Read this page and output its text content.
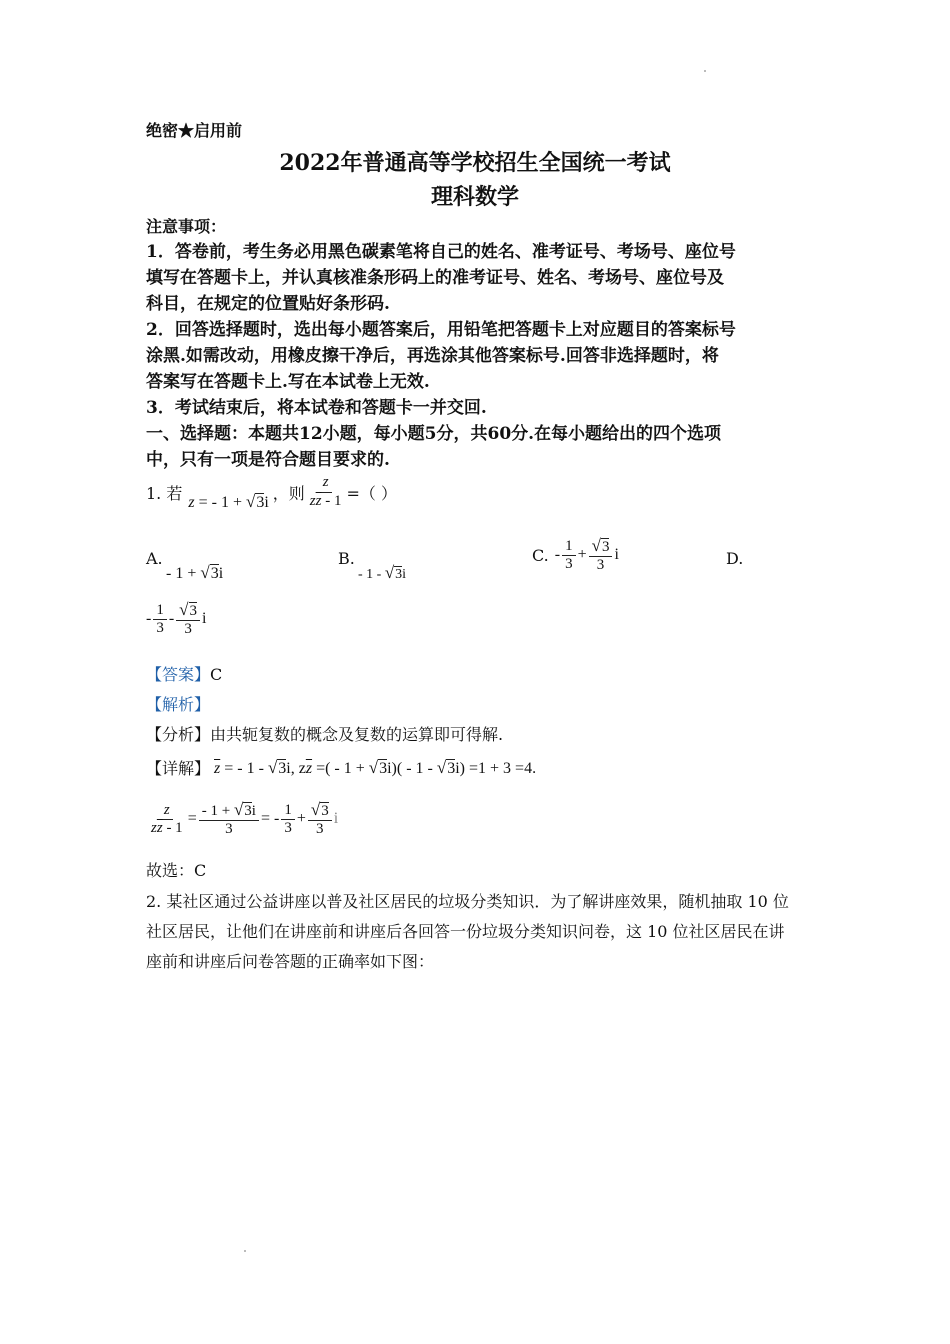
绝密★启用前
2022年普通高等学校招生全国统一考试
理科数学
注意事项：
1．答卷前，考生务必用黑色碳素笔将自己的姓名、准考证号、考场号、座位号
填写在答题卡上，并认真核准条形码上的准考证号、姓名、考场号、座位号及
科目，在规定的位置贴好条形码.
2．回答选择题时，选出每小题答案后，用铅笔把答题卡上对应题目的答案标号
涂黑.如需改动，用橡皮擦干净后，再选涂其他答案标号.回答非选择题时，将
答案写在答题卡上.写在本试卷上无效.
3．考试结束后，将本试卷和答题卡一并交回.
一、选择题：本题共12小题，每小题5分，共60分.在每小题给出的四个选项
中，只有一项是符合题目要求的.
1. 若 z = - 1 + √3i ，则 $\frac{z}{z\overline{z} - 1}$ =（ ）
A.
- 1 + √3i
B.
- 1 - √3i
C. - $\frac{1}{3} + \frac{√3}{3}$ i	D.
- $\frac{1}{3} - \frac{√3}{3}$ i
【答案】C
【解析】
【分析】由共轭复数的概念及复数的运算即可得解.
【详解】 $\overline{z}$ = - 1 - √3i, $z\overline{z}$ =( - 1 + √3i)( - 1 - √3i) =1 + 3 =4.
$\frac{z}{z\overline{z} - 1} = \frac{- 1 + √3i}{3}$ = - $\frac{1}{3} + \frac{√3}{3}$ i
故选：C
2. 某社区通过公益讲座以普及社区居民的垃圾分类知识．为了解讲座效果，随机抽取 10 位
社区居民，让他们在讲座前和讲座后各回答一份垃圾分类知识问卷，这 10 位社区居民在讲
座前和讲座后问卷答题的正确率如下图：
